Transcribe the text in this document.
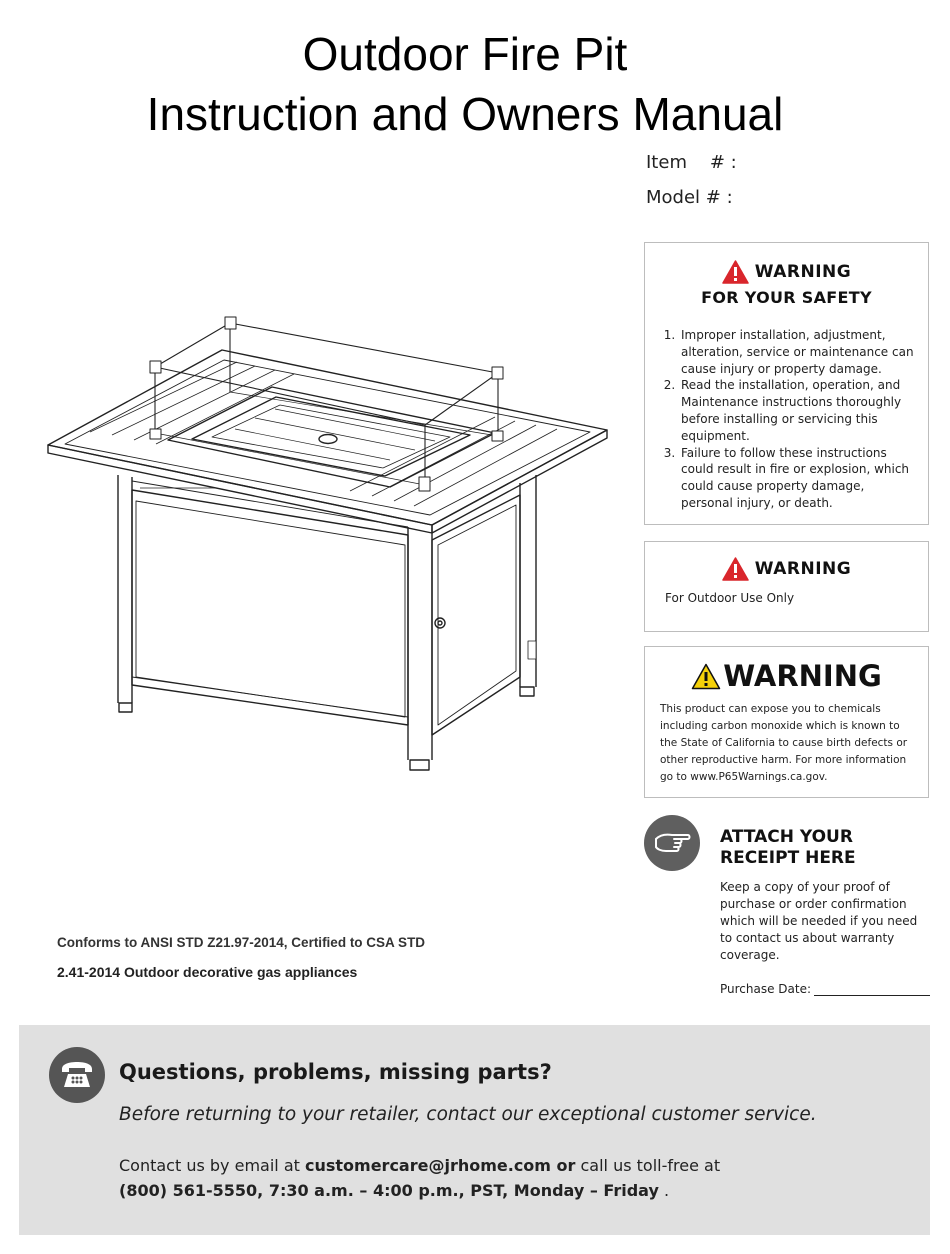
Outdoor Fire Pit
Instruction and Owners Manual
Item    # :
Model # :
WARNING
FOR YOUR SAFETY
1. Improper installation, adjustment, alteration, service or maintenance can cause injury or property damage.
2. Read the installation, operation, and Maintenance instructions thoroughly before installing or servicing this equipment.
3. Failure to follow these instructions could result in fire or explosion, which could cause property damage, personal injury, or death.
WARNING
For Outdoor Use Only
WARNING
This product can expose you to chemicals including carbon monoxide which is known to the State of California to cause birth defects or other reproductive harm. For more information go to www.P65Warnings.ca.gov.
ATTACH YOUR
RECEIPT HERE
Keep a copy of your proof of purchase or order confirmation which will be needed if you need to contact us about warranty coverage.
Purchase Date:
Conforms to ANSI STD Z21.97-2014, Certified to CSA STD
2.41-2014 Outdoor decorative gas appliances
Questions, problems, missing parts?
Before returning to your retailer, contact our exceptional customer service.
Contact us by email at customercare@jrhome.com or call us toll-free at
(800) 561-5550, 7:30 a.m. – 4:00 p.m., PST, Monday – Friday .
